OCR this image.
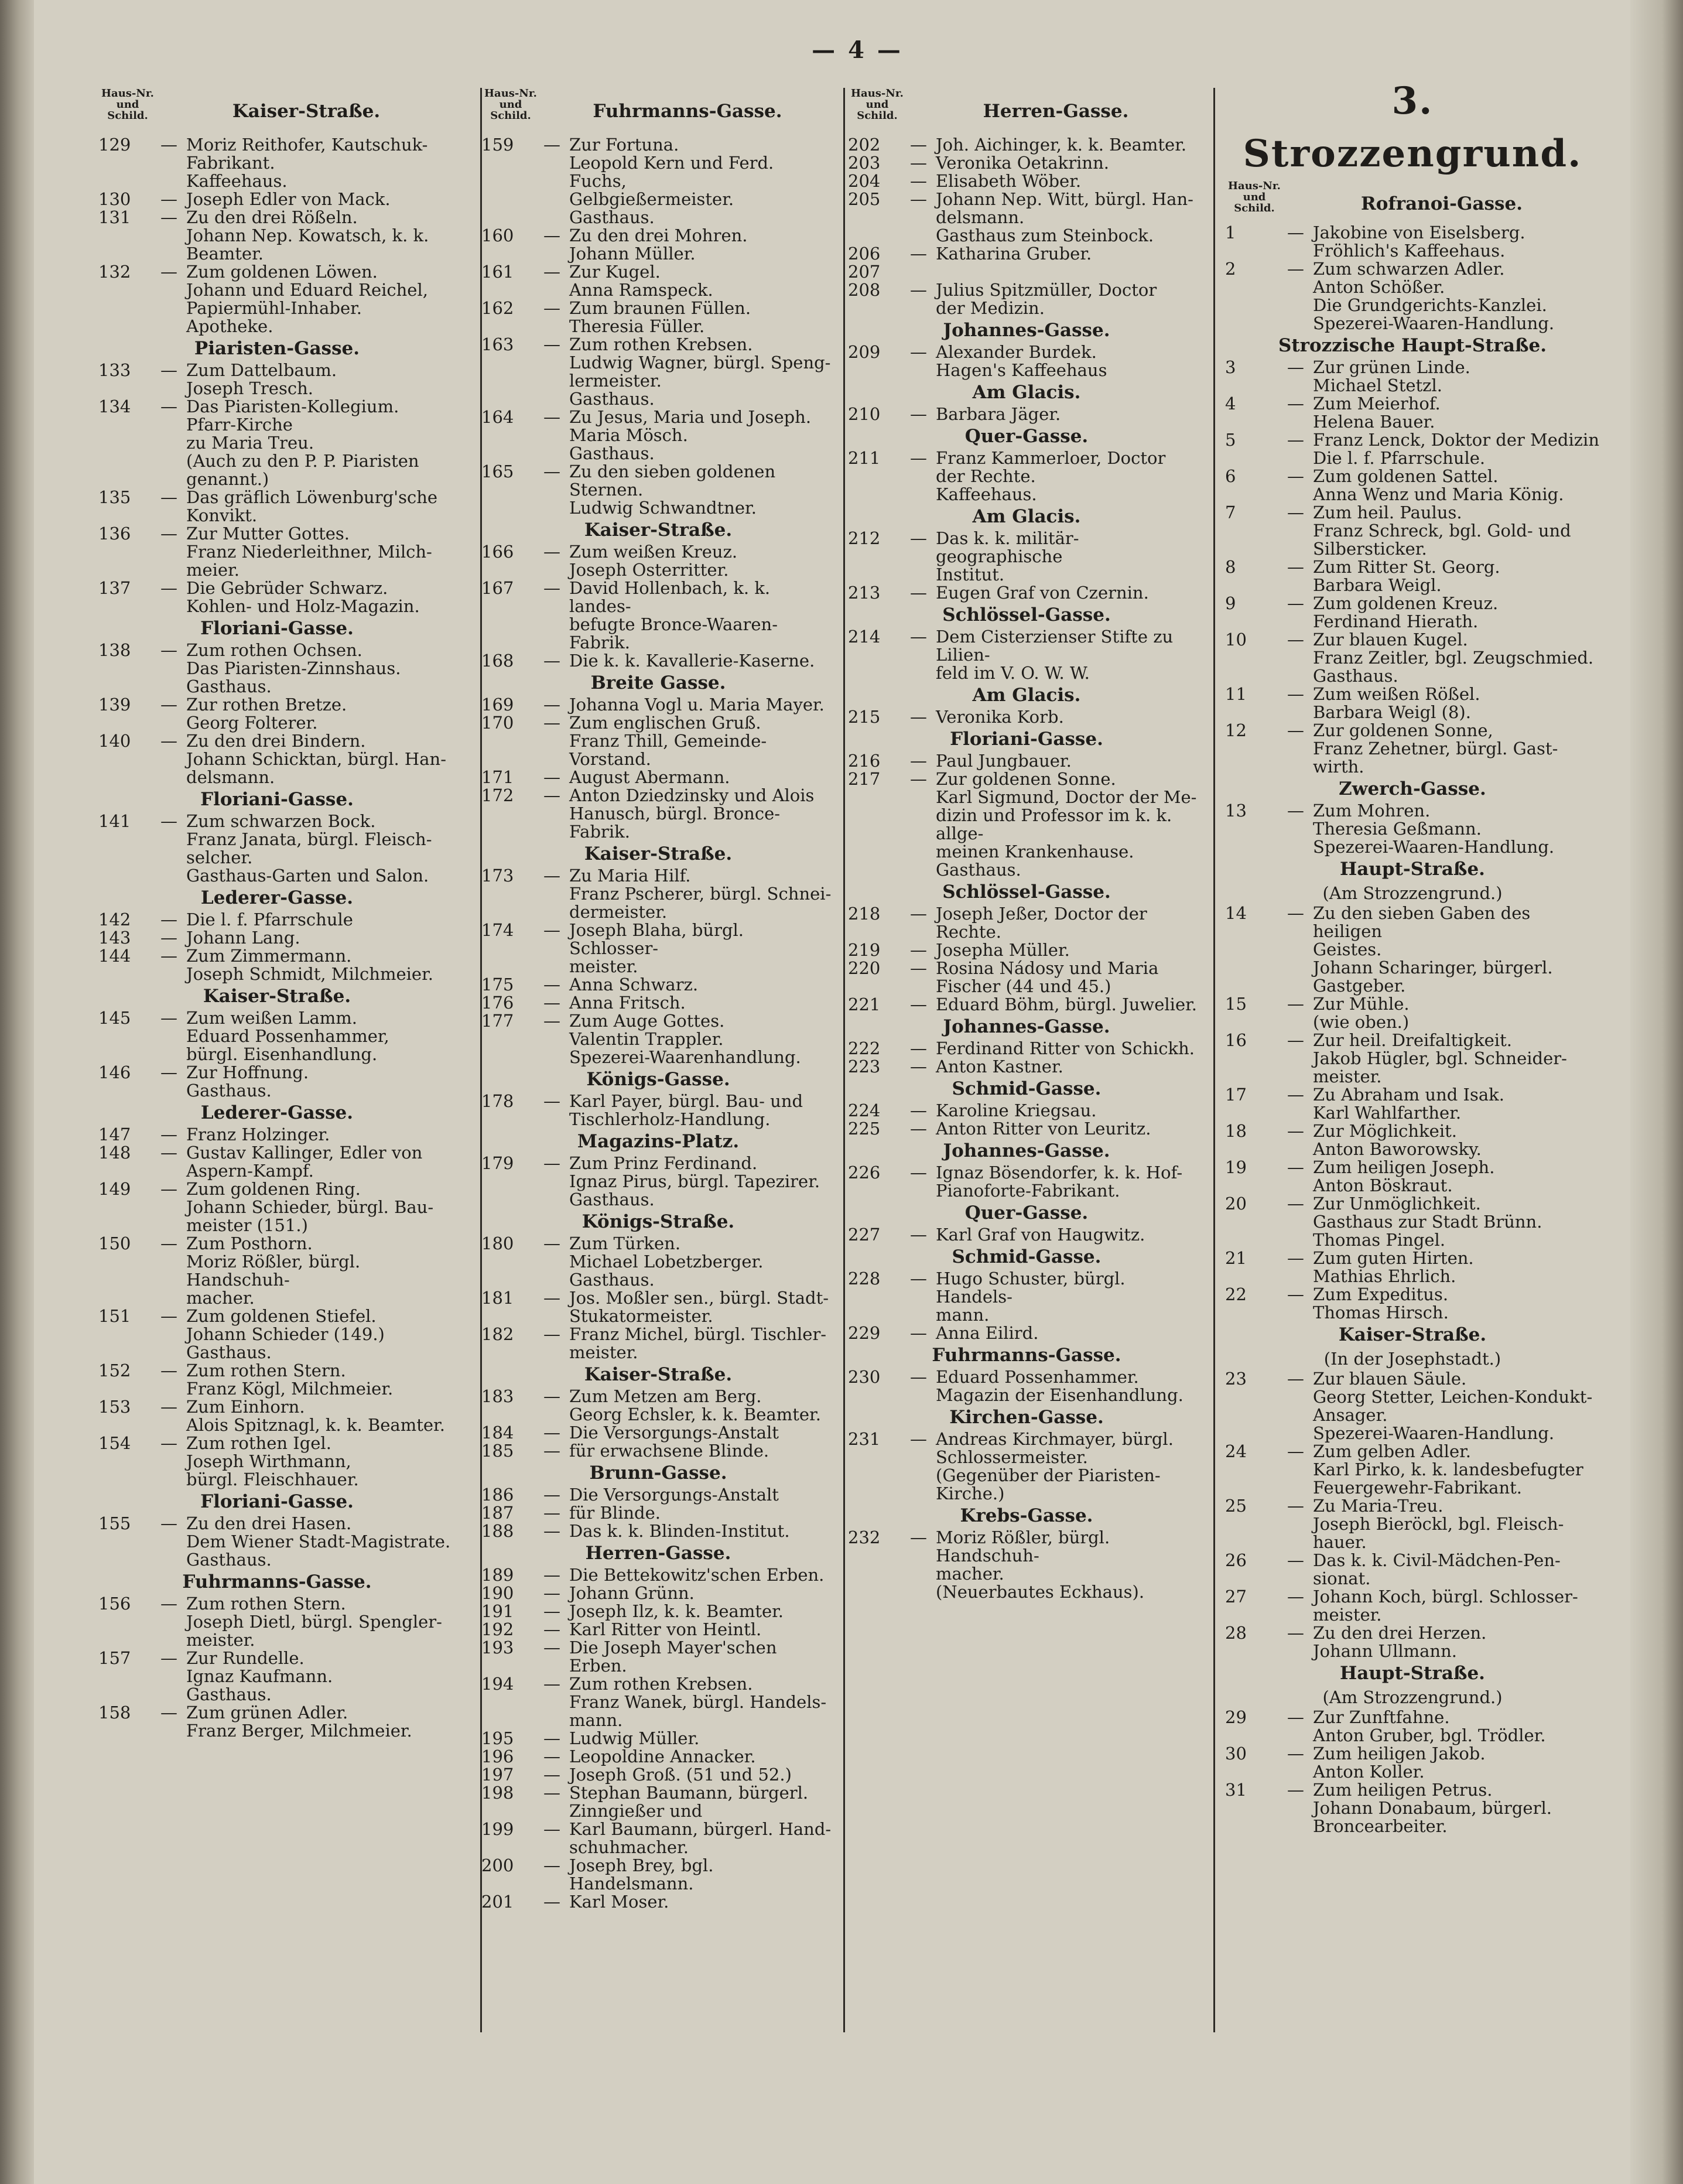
— 4 —
Haus-Nr. und Schild.	Kaiser-Straße.
129	— Moriz Reithofer, Kautschuk-
Fabrikant.
Kaffeehaus.
130	— Joseph Edler von Mack.
131	— Zu den drei Rößeln.
Johann Nep. Kowatsch, k. k.
Beamter.
132	— Zum goldenen Löwen.
Johann und Eduard Reichel,
Papiermühl-Inhaber.
Apotheke.
Piaristen-Gasse.
133	— Zum Dattelbaum.
Joseph Tresch.
134	— Das Piaristen-Kollegium.
Pfarr-Kirche
zu Maria Treu.
(Auch zu den P. P. Piaristen
genannt.)
135	— Das gräflich Löwenburg'sche
Konvikt.
136	— Zur Mutter Gottes.
Franz Niederleithner, Milch-
meier.
137	— Die Gebrüder Schwarz.
Kohlen- und Holz-Magazin.
Floriani-Gasse.
138	— Zum rothen Ochsen.
Das Piaristen-Zinnshaus.
Gasthaus.
139	— Zur rothen Bretze.
Georg Folterer.
140	— Zu den drei Bindern.
Johann Schicktan, bürgl. Han-
delsmann.
Floriani-Gasse.
141	— Zum schwarzen Bock.
Franz Janata, bürgl. Fleisch-
selcher.
Gasthaus-Garten und Salon.
Lederer-Gasse.
142	— Die l. f. Pfarrschule
143	— Johann Lang.
144	— Zum Zimmermann.
Joseph Schmidt, Milchmeier.
Kaiser-Straße.
145	— Zum weißen Lamm.
Eduard Possenhammer,
bürgl. Eisenhandlung.
146	— Zur Hoffnung.
Gasthaus.
Lederer-Gasse.
147	— Franz Holzinger.
148	— Gustav Kallinger, Edler von
Aspern-Kampf.
149	— Zum goldenen Ring.
Johann Schieder, bürgl. Bau-
meister (151.)
150	— Zum Posthorn.
Moriz Rößler, bürgl. Handschuh-
macher.
151	— Zum goldenen Stiefel.
Johann Schieder (149.)
Gasthaus.
152	— Zum rothen Stern.
Franz Kögl, Milchmeier.
153	— Zum Einhorn.
Alois Spitznagl, k. k. Beamter.
154	— Zum rothen Igel.
Joseph Wirthmann,
bürgl. Fleischhauer.
Floriani-Gasse.
155	— Zu den drei Hasen.
Dem Wiener Stadt-Magistrate.
Gasthaus.
Fuhrmanns-Gasse.
156	— Zum rothen Stern.
Joseph Dietl, bürgl. Spengler-
meister.
157	— Zur Rundelle.
Ignaz Kaufmann.
Gasthaus.
158	— Zum grünen Adler.
Franz Berger, Milchmeier.
Haus-Nr. und Schild.	Fuhrmanns-Gasse.
159	— Zur Fortuna.
Leopold Kern und Ferd. Fuchs,
Gelbgießermeister.
Gasthaus.
160	— Zu den drei Mohren.
Johann Müller.
161	— Zur Kugel.
Anna Ramspeck.
162	— Zum braunen Füllen.
Theresia Füller.
163	— Zum rothen Krebsen.
Ludwig Wagner, bürgl. Speng-
lermeister.
Gasthaus.
164	— Zu Jesus, Maria und Joseph.
Maria Mösch.
Gasthaus.
165	— Zu den sieben goldenen Sternen.
Ludwig Schwandtner.
Kaiser-Straße.
166	— Zum weißen Kreuz.
Joseph Osterritter.
167	— David Hollenbach, k. k. landes-
befugte Bronce-Waaren-Fabrik.
168	— Die k. k. Kavallerie-Kaserne.
Breite Gasse.
169	— Johanna Vogl u. Maria Mayer.
170	— Zum englischen Gruß.
Franz Thill, Gemeinde-Vorstand.
171	— August Abermann.
172	— Anton Dziedzinsky und Alois
Hanusch, bürgl. Bronce-Fabrik.
Kaiser-Straße.
173	— Zu Maria Hilf.
Franz Pscherer, bürgl. Schnei-
dermeister.
174	— Joseph Blaha, bürgl. Schlosser-
meister.
175	— Anna Schwarz.
176	— Anna Fritsch.
177	— Zum Auge Gottes.
Valentin Trappler.
Spezerei-Waarenhandlung.
Königs-Gasse.
178	— Karl Payer, bürgl. Bau- und
Tischlerholz-Handlung.
Magazins-Platz.
179	— Zum Prinz Ferdinand.
Ignaz Pirus, bürgl. Tapezirer.
Gasthaus.
Königs-Straße.
180	— Zum Türken.
Michael Lobetzberger.
Gasthaus.
181	— Jos. Moßler sen., bürgl. Stadt-
Stukatormeister.
182	— Franz Michel, bürgl. Tischler-
meister.
Kaiser-Straße.
183	— Zum Metzen am Berg.
Georg Echsler, k. k. Beamter.
184	— Die Versorgungs-Anstalt
185	— für erwachsene Blinde.
Brunn-Gasse.
186	— Die Versorgungs-Anstalt
187	— für Blinde.
188	— Das k. k. Blinden-Institut.
Herren-Gasse.
189	— Die Bettekowitz'schen Erben.
190	— Johann Grünn.
191	— Joseph Ilz, k. k. Beamter.
192	— Karl Ritter von Heintl.
193	— Die Joseph Mayer'schen Erben.
194	— Zum rothen Krebsen.
Franz Wanek, bürgl. Handels-
mann.
195	— Ludwig Müller.
196	— Leopoldine Annacker.
197	— Joseph Groß. (51 und 52.)
198	— Stephan Baumann, bürgerl.
Zinngießer und
199	— Karl Baumann, bürgerl. Hand-
schuhmacher.
200	— Joseph Brey, bgl. Handelsmann.
201	— Karl Moser.
Haus-Nr. und Schild.	Herren-Gasse.
202	— Joh. Aichinger, k. k. Beamter.
203	— Veronika Oetakrinn.
204	— Elisabeth Wöber.
205	— Johann Nep. Witt, bürgl. Han-
delsmann.
Gasthaus zum Steinbock.
206	— Katharina Gruber.
207
208	— Julius Spitzmüller, Doctor
der Medizin.
Johannes-Gasse.
209	— Alexander Burdek.
Hagen's Kaffeehaus
Am Glacis.
210	— Barbara Jäger.
Quer-Gasse.
211	— Franz Kammerloer, Doctor
der Rechte.
Kaffeehaus.
Am Glacis.
212	— Das k. k. militär-geographische
Institut.
213	— Eugen Graf von Czernin.
Schlössel-Gasse.
214	— Dem Cisterzienser Stifte zu Lilien-
feld im V. O. W. W.
Am Glacis.
215	— Veronika Korb.
Floriani-Gasse.
216	— Paul Jungbauer.
217	— Zur goldenen Sonne.
Karl Sigmund, Doctor der Me-
dizin und Professor im k. k. allge-
meinen Krankenhause.
Gasthaus.
Schlössel-Gasse.
218	— Joseph Jeßer, Doctor der Rechte.
219	— Josepha Müller.
220	— Rosina Nádosy und Maria
Fischer (44 und 45.)
221	— Eduard Böhm, bürgl. Juwelier.
Johannes-Gasse.
222	— Ferdinand Ritter von Schickh.
223	— Anton Kastner.
Schmid-Gasse.
224	— Karoline Kriegsau.
225	— Anton Ritter von Leuritz.
Johannes-Gasse.
226	— Ignaz Bösendorfer, k. k. Hof-
Pianoforte-Fabrikant.
Quer-Gasse.
227	— Karl Graf von Haugwitz.
Schmid-Gasse.
228	— Hugo Schuster, bürgl. Handels-
mann.
229	— Anna Eilird.
Fuhrmanns-Gasse.
230	— Eduard Possenhammer.
Magazin der Eisenhandlung.
Kirchen-Gasse.
231	— Andreas Kirchmayer, bürgl.
Schlossermeister.
(Gegenüber der Piaristen-Kirche.)
Krebs-Gasse.
232	— Moriz Rößler, bürgl. Handschuh-
macher.
(Neuerbautes Eckhaus).
3. Strozzengrund.
Haus-Nr. und Schild.	Rofranoi-Gasse.
1	— Jakobine von Eiselsberg.
Fröhlich's Kaffeehaus.
2	— Zum schwarzen Adler.
Anton Schößer.
Die Grundgerichts-Kanzlei.
Spezerei-Waaren-Handlung.
Strozzische Haupt-Straße.
3	— Zur grünen Linde.
Michael Stetzl.
4	— Zum Meierhof.
Helena Bauer.
5	— Franz Lenck, Doktor der Medizin
Die l. f. Pfarrschule.
6	— Zum goldenen Sattel.
Anna Wenz und Maria König.
7	— Zum heil. Paulus.
Franz Schreck, bgl. Gold- und
Silbersticker.
8	— Zum Ritter St. Georg.
Barbara Weigl.
9	— Zum goldenen Kreuz.
Ferdinand Hierath.
10	— Zur blauen Kugel.
Franz Zeitler, bgl. Zeugschmied.
Gasthaus.
11	— Zum weißen Rößel.
Barbara Weigl (8).
12	— Zur goldenen Sonne,
Franz Zehetner, bürgl. Gast-
wirth.
Zwerch-Gasse.
13	— Zum Mohren.
Theresia Geßmann.
Spezerei-Waaren-Handlung.
Haupt-Straße.
(Am Strozzengrund.)
14	— Zu den sieben Gaben des heiligen
Geistes.
Johann Scharinger, bürgerl.
Gastgeber.
15	— Zur Mühle.
(wie oben.)
16	— Zur heil. Dreifaltigkeit.
Jakob Hügler, bgl. Schneider-
meister.
17	— Zu Abraham und Isak.
Karl Wahlfarther.
18	— Zur Möglichkeit.
Anton Baworowsky.
19	— Zum heiligen Joseph.
Anton Böskraut.
20	— Zur Unmöglichkeit.
Gasthaus zur Stadt Brünn.
Thomas Pingel.
21	— Zum guten Hirten.
Mathias Ehrlich.
22	— Zum Expeditus.
Thomas Hirsch.
Kaiser-Straße.
(In der Josephstadt.)
23	— Zur blauen Säule.
Georg Stetter, Leichen-Kondukt-
Ansager.
Spezerei-Waaren-Handlung.
24	— Zum gelben Adler.
Karl Pirko, k. k. landesbefugter
Feuergewehr-Fabrikant.
25	— Zu Maria-Treu.
Joseph Bieröckl, bgl. Fleisch-
hauer.
26	— Das k. k. Civil-Mädchen-Pen-
sionat.
27	— Johann Koch, bürgl. Schlosser-
meister.
28	— Zu den drei Herzen.
Johann Ullmann.
Haupt-Straße.
(Am Strozzengrund.)
29	— Zur Zunftfahne.
Anton Gruber, bgl. Trödler.
30	— Zum heiligen Jakob.
Anton Koller.
31	— Zum heiligen Petrus.
Johann Donabaum, bürgerl.
Broncearbeiter.
